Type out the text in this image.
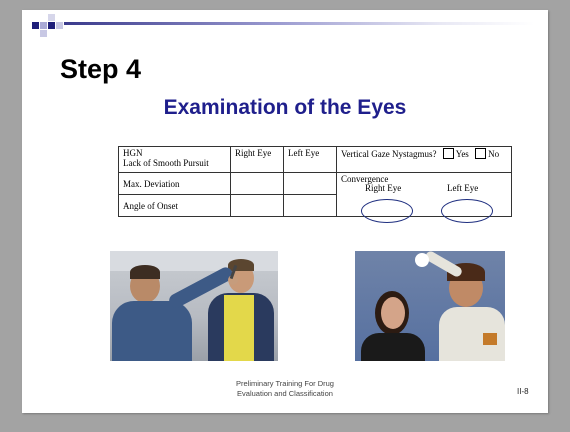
Step 4
Examination of the Eyes
HGN
Lack of Smooth Pursuit	Right Eye	Left Eye	Vertical Gaze Nystagmus? Yes No
Max. Deviation			Convergence
Right Eye Left Eye

Angle of Onset			
Preliminary Training For Drug
Evaluation and Classification	II-8
